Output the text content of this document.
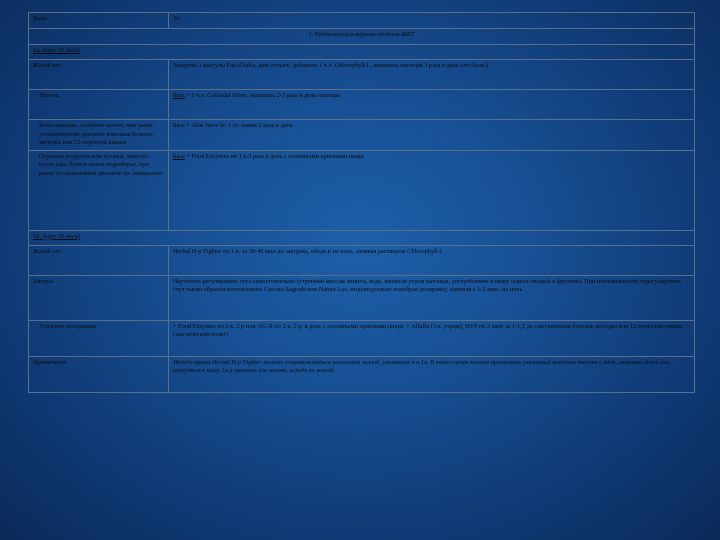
Было	То
1. Реабилитация верхних отделов ЖКТ	
1а. (курс 20 дней)	
Жалоб нет	Заварить 3 капсулы Fan d'Arko, дать остыть, добавить 1 ч.л. Chlorophyll L, выпивать натощак 3 раза в день (это база!)
Изжога,	База + 1 ч.л. Colloidal Silver, выпивать 2-3 раза в день натощак
Боли натощак, особенно ночью, при ранее установленном диагнозе язвенная болезнь желудка или 12-перстной кишки	База + Aloe Juice по 1 ст. ложке 2 раза в день
Отрыжка воздухом или тухлым, тяжесть после еды, боли в левом подреберье, при ранее установленном диагнозе хр. панкреатит	База + Food Enzymes по 1 к.3 раза в день с основными приемами пищи.
1б. (курс 20 дней)	
Жалоб нет	Herbal H-p Fighter по 1 к. за 30-40 мин до завтрака, обеда и на ночь, запивая раствором Chlorophyll L
Запоры	Научитесь регулировать стул самостоятельно (утренний массаж живота, вода, выпитая утром натощак, употребление в пищу сырых овощей и фруктов). При невозможности отрегулировать стул таким образом использовать Cascara Sagrada или Nature Lax, индивидуально подобрав дозировку, начиная с 1-2 капс. на ночь
Усиление программы	+ Food Enzymes по 2 к. 2 р или AG-X по 2 к. 2 р. в день с основными приемами пищи; + Alfalfa (3 к. утром), HVP по 2 капс за 1-1,5 до сна (язвенная болезнь желудка или 12-перстной кишки, спастический колит)
Примечание	Иногда прием Herbal H-p Fighter может сопровождаться усилением жалоб, указанных в п 1а. В этом случае можно принимать указанный комплекс вместе с едой, меньшей дозой или вернуться к шагу 1а и принять его заново, исходя из жалоб.
